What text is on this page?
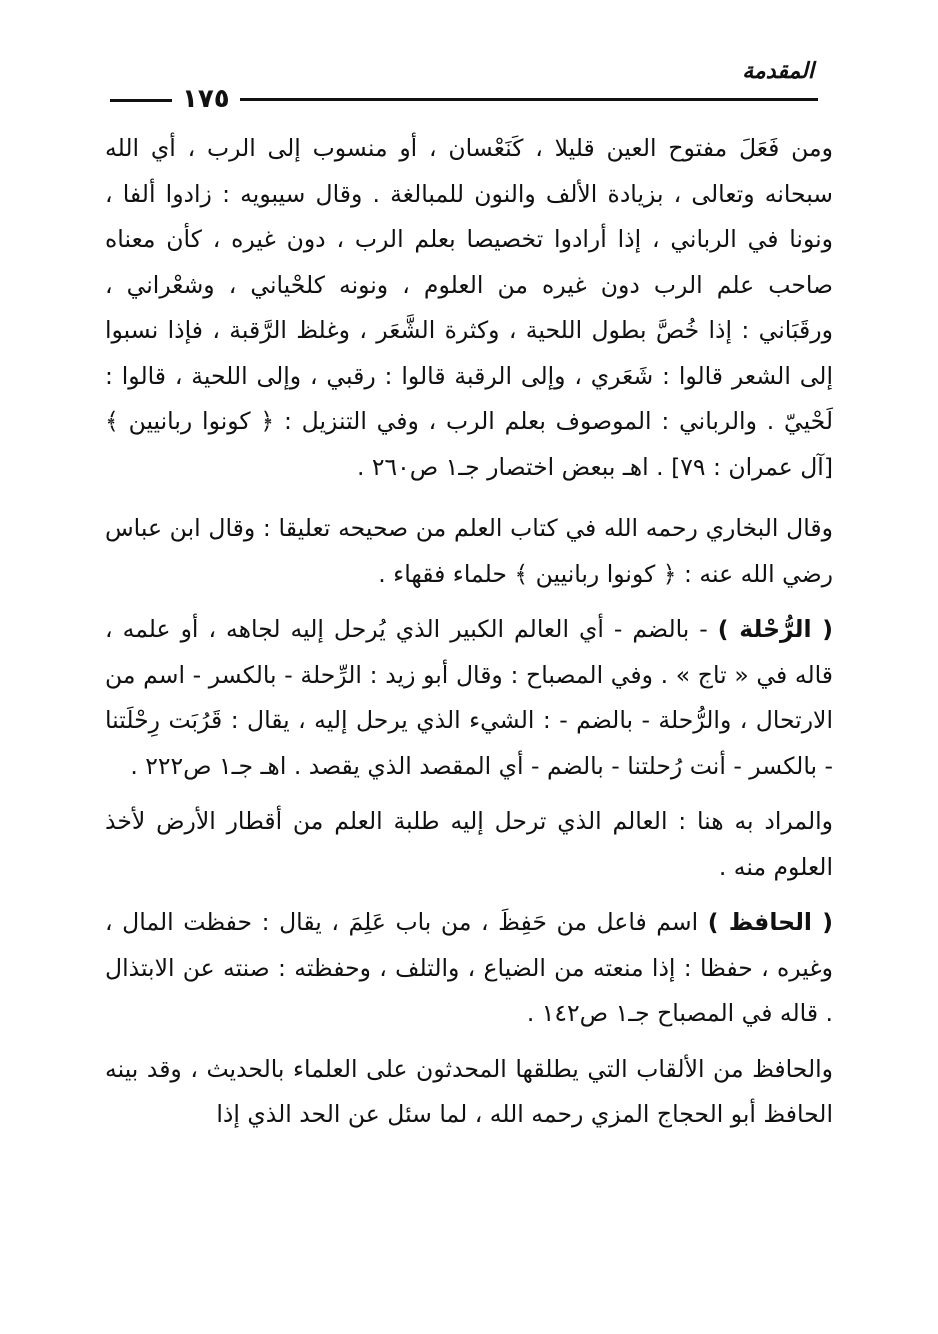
المقدمة
١٧٥

ومن فَعَلَ مفتوح العين قليلا ، كَنَعْسان ، أو منسوب إلى الرب ، أي الله سبحانه وتعالى ، بزيادة الألف والنون للمبالغة . وقال سيبويه : زادوا ألفا ، ونونا في الرباني ، إذا أرادوا تخصيصا بعلم الرب ، دون غيره ، كأن معناه صاحب علم الرب دون غيره من العلوم ، ونونه كلحْياني ، وشعْراني ، ورقَبَاني : إذا خُصَّ بطول اللحية ، وكثرة الشَّعَر ، وغلظ الرَّقبة ، فإذا نسبوا إلى الشعر قالوا : شَعَري ، وإلى الرقبة قالوا : رقبي ، وإلى اللحية ، قالوا : لَحْييّ . والرباني : الموصوف بعلم الرب ، وفي التنزيل : ﴿ كونوا ربانيين ﴾ [آل عمران : ٧٩] . اهـ ببعض اختصار جـ١ ص٢٦٠ .

وقال البخاري رحمه الله في كتاب العلم من صحيحه تعليقا : وقال ابن عباس رضي الله عنه : ﴿ كونوا ربانيين ﴾ حلماء فقهاء .

( الرُّحْلة ) - بالضم - أي العالم الكبير الذي يُرحل إليه لجاهه ، أو علمه ، قاله في « تاج » . وفي المصباح : وقال أبو زيد : الرِّحلة - بالكسر - اسم من الارتحال ، والرُّحلة - بالضم - : الشيء الذي يرحل إليه ، يقال : قَرُبَت رِحْلَتنا - بالكسر - أنت رُحلتنا - بالضم - أي المقصد الذي يقصد . اهـ جـ١ ص٢٢٢ .

والمراد به هنا : العالم الذي ترحل إليه طلبة العلم من أقطار الأرض لأخذ العلوم منه .

( الحافظ ) اسم فاعل من حَفِظَ ، من باب عَلِمَ ، يقال : حفظت المال ، وغيره ، حفظا : إذا منعته من الضياع ، والتلف ، وحفظته : صنته عن الابتذال . قاله في المصباح جـ١ ص١٤٢ .

والحافظ من الألقاب التي يطلقها المحدثون على العلماء بالحديث ، وقد بينه الحافظ أبو الحجاج المزي رحمه الله ، لما سئل عن الحد الذي إذا
